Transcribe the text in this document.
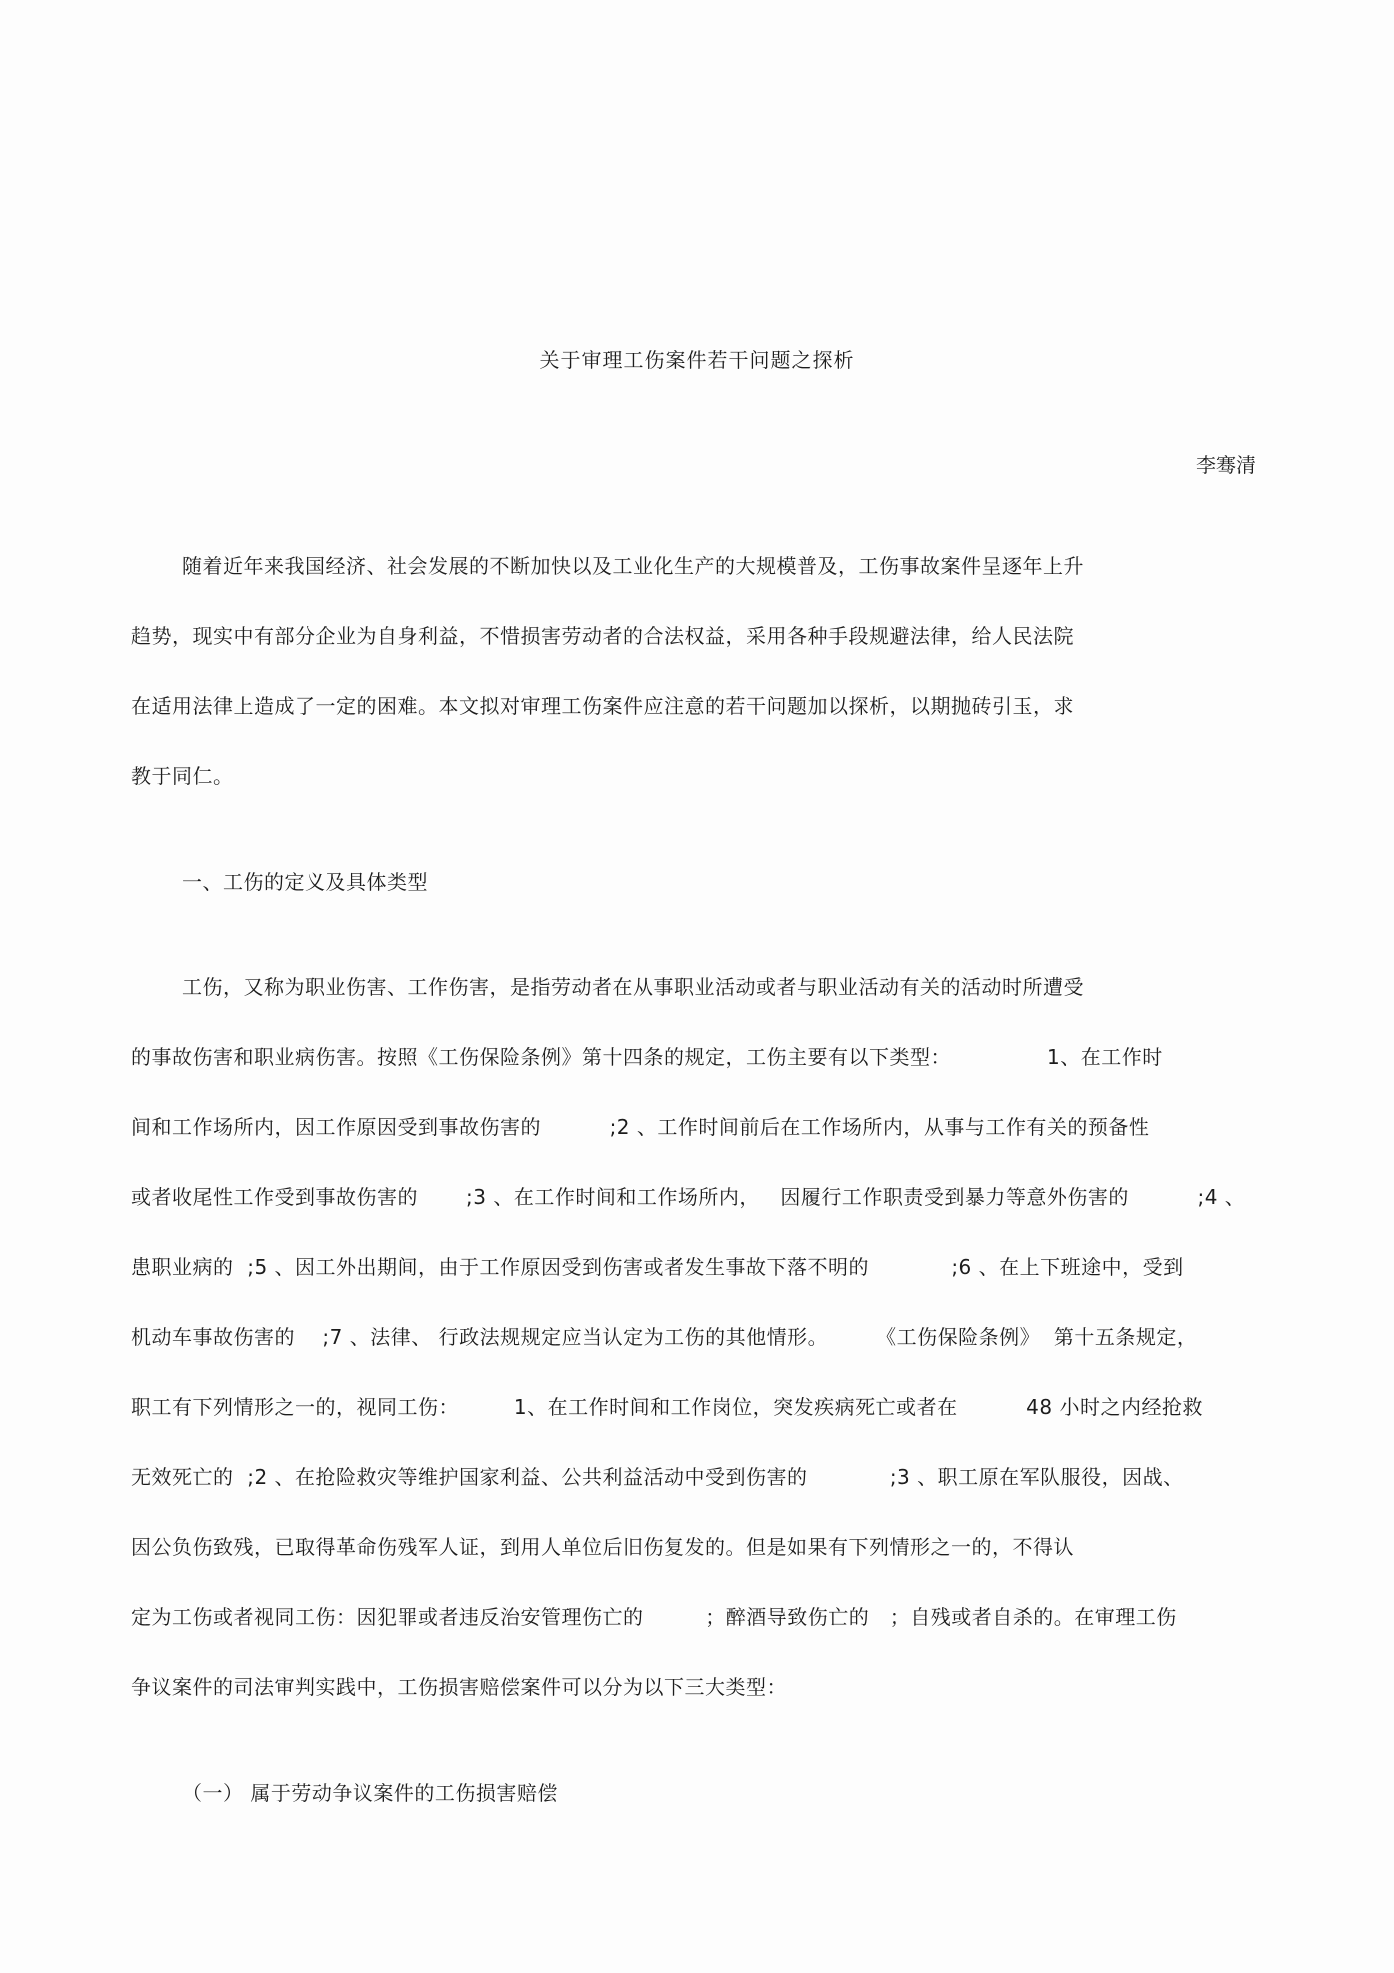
关于审理工伤案件若干问题之探析
李骞清
随着近年来我国经济、社会发展的不断加快以及工业化生产的大规模普及，工伤事故案件呈逐年上升
趋势，现实中有部分企业为自身利益，不惜损害劳动者的合法权益，采用各种手段规避法律，给人民法院
在适用法律上造成了一定的困难。本文拟对审理工伤案件应注意的若干问题加以探析，以期抛砖引玉，求
教于同仁。
一、工伤的定义及具体类型
工伤，又称为职业伤害、工作伤害，是指劳动者在从事职业活动或者与职业活动有关的活动时所遭受
的事故伤害和职业病伤害。按照《工伤保险条例》第十四条的规定，工伤主要有以下类型：              1、在工作时
间和工作场所内，因工作原因受到事故伤害的          ;2 、工作时间前后在工作场所内，从事与工作有关的预备性
或者收尾性工作受到事故伤害的       ;3 、在工作时间和工作场所内，   因履行工作职责受到暴力等意外伤害的          ;4 、
患职业病的  ;5 、因工外出期间，由于工作原因受到伤害或者发生事故下落不明的            ;6 、在上下班途中，受到
机动车事故伤害的    ;7 、法律、 行政法规规定应当认定为工伤的其他情形。       《工伤保险条例》  第十五条规定，
职工有下列情形之一的，视同工伤：        1、在工作时间和工作岗位，突发疾病死亡或者在          48 小时之内经抢救
无效死亡的  ;2 、在抢险救灾等维护国家利益、公共利益活动中受到伤害的            ;3 、职工原在军队服役，因战、
因公负伤致残，已取得革命伤残军人证，到用人单位后旧伤复发的。但是如果有下列情形之一的，不得认
定为工伤或者视同工伤：因犯罪或者违反治安管理伤亡的         ；醉酒导致伤亡的   ；自残或者自杀的。在审理工伤
争议案件的司法审判实践中，工伤损害赔偿案件可以分为以下三大类型：
（一） 属于劳动争议案件的工伤损害赔偿
